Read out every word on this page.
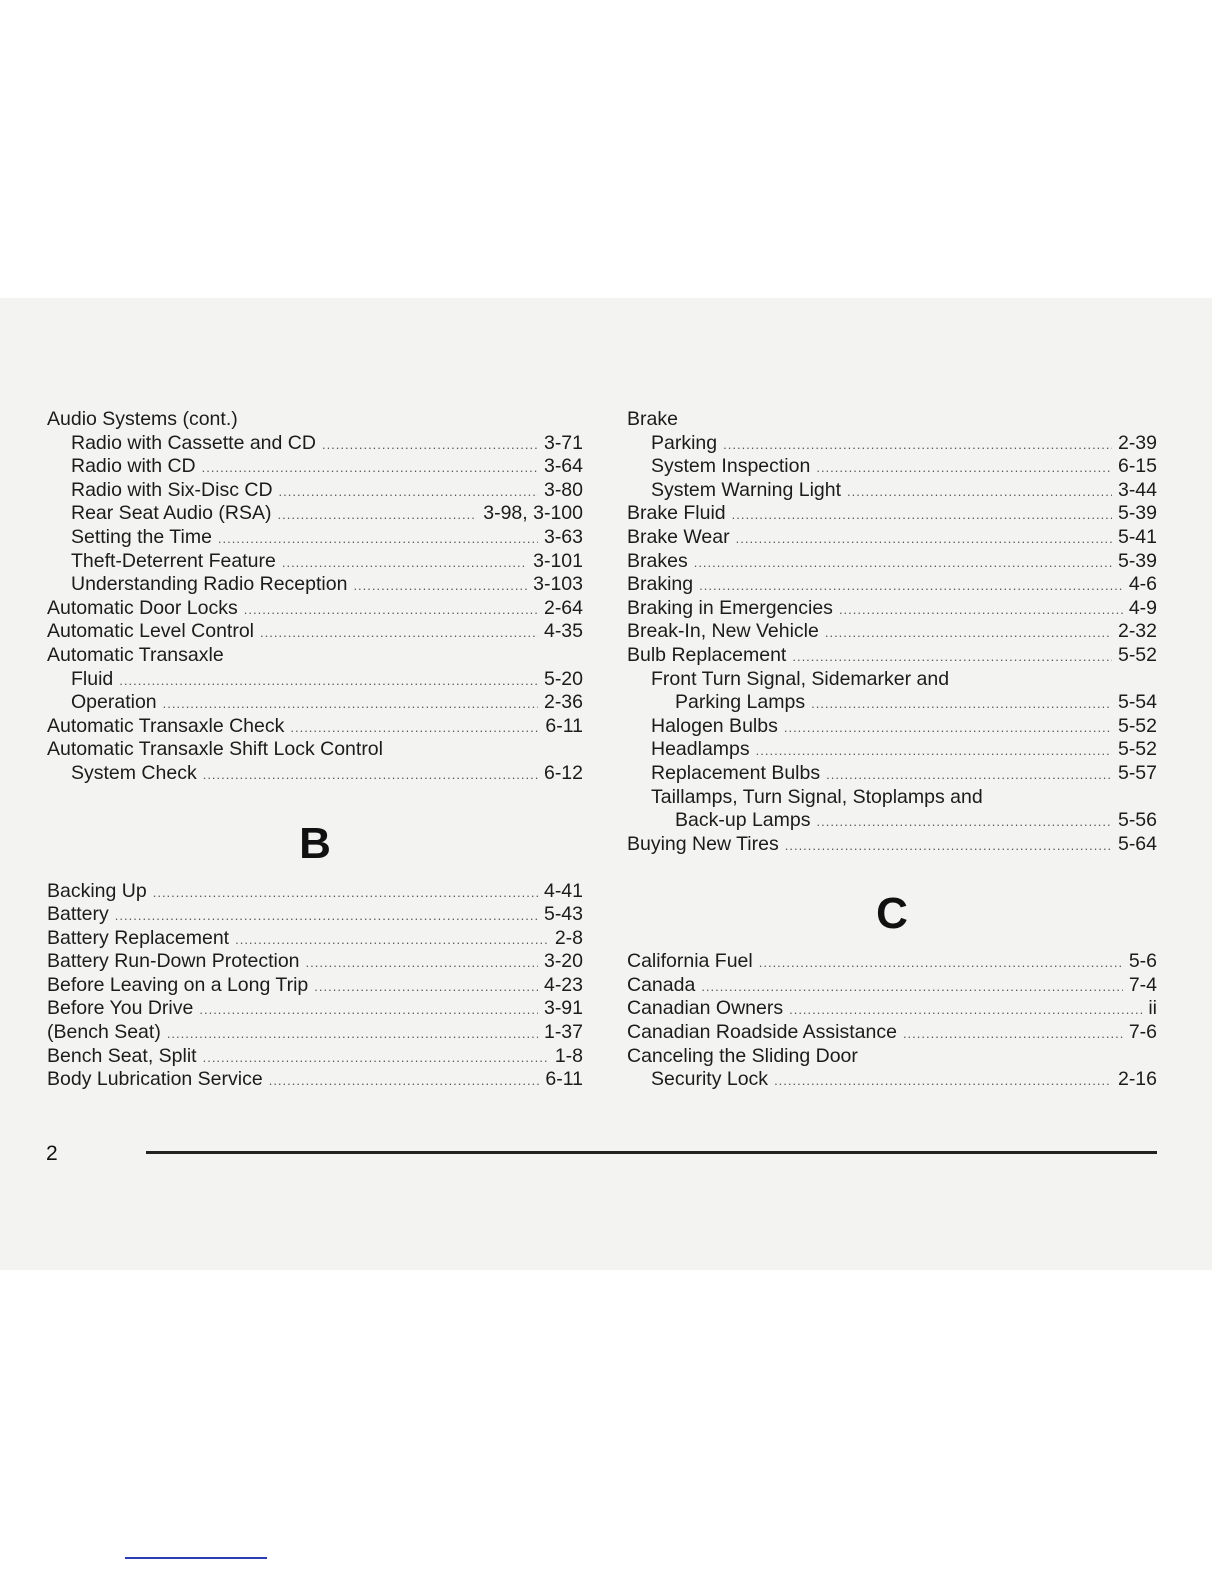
Audio Systems (cont.)
Radio with Cassette and CD .....	3-71
Radio with CD .....	3-64
Radio with Six-Disc CD .....	3-80
Rear Seat Audio (RSA) .....	3-98, 3-100
Setting the Time .....	3-63
Theft-Deterrent Feature .....	3-101
Understanding Radio Reception .....	3-103
Automatic Door Locks .....	2-64
Automatic Level Control .....	4-35
Automatic Transaxle
Fluid .....	5-20
Operation .....	2-36
Automatic Transaxle Check .....	6-11
Automatic Transaxle Shift Lock Control
System Check .....	6-12
B
Backing Up .....	4-41
Battery .....	5-43
Battery Replacement .....	2-8
Battery Run-Down Protection .....	3-20
Before Leaving on a Long Trip .....	4-23
Before You Drive .....	3-91
(Bench Seat) .....	1-37
Bench Seat, Split .....	1-8
Body Lubrication Service .....	6-11
Brake
Parking .....	2-39
System Inspection .....	6-15
System Warning Light .....	3-44
Brake Fluid .....	5-39
Brake Wear .....	5-41
Brakes .....	5-39
Braking .....	4-6
Braking in Emergencies .....	4-9
Break-In, New Vehicle .....	2-32
Bulb Replacement .....	5-52
Front Turn Signal, Sidemarker and
Parking Lamps .....	5-54
Halogen Bulbs .....	5-52
Headlamps .....	5-52
Replacement Bulbs .....	5-57
Taillamps, Turn Signal, Stoplamps and
Back-up Lamps .....	5-56
Buying New Tires .....	5-64
C
California Fuel .....	5-6
Canada .....	7-4
Canadian Owners .....	ii
Canadian Roadside Assistance .....	7-6
Canceling the Sliding Door
Security Lock .....	2-16
2
